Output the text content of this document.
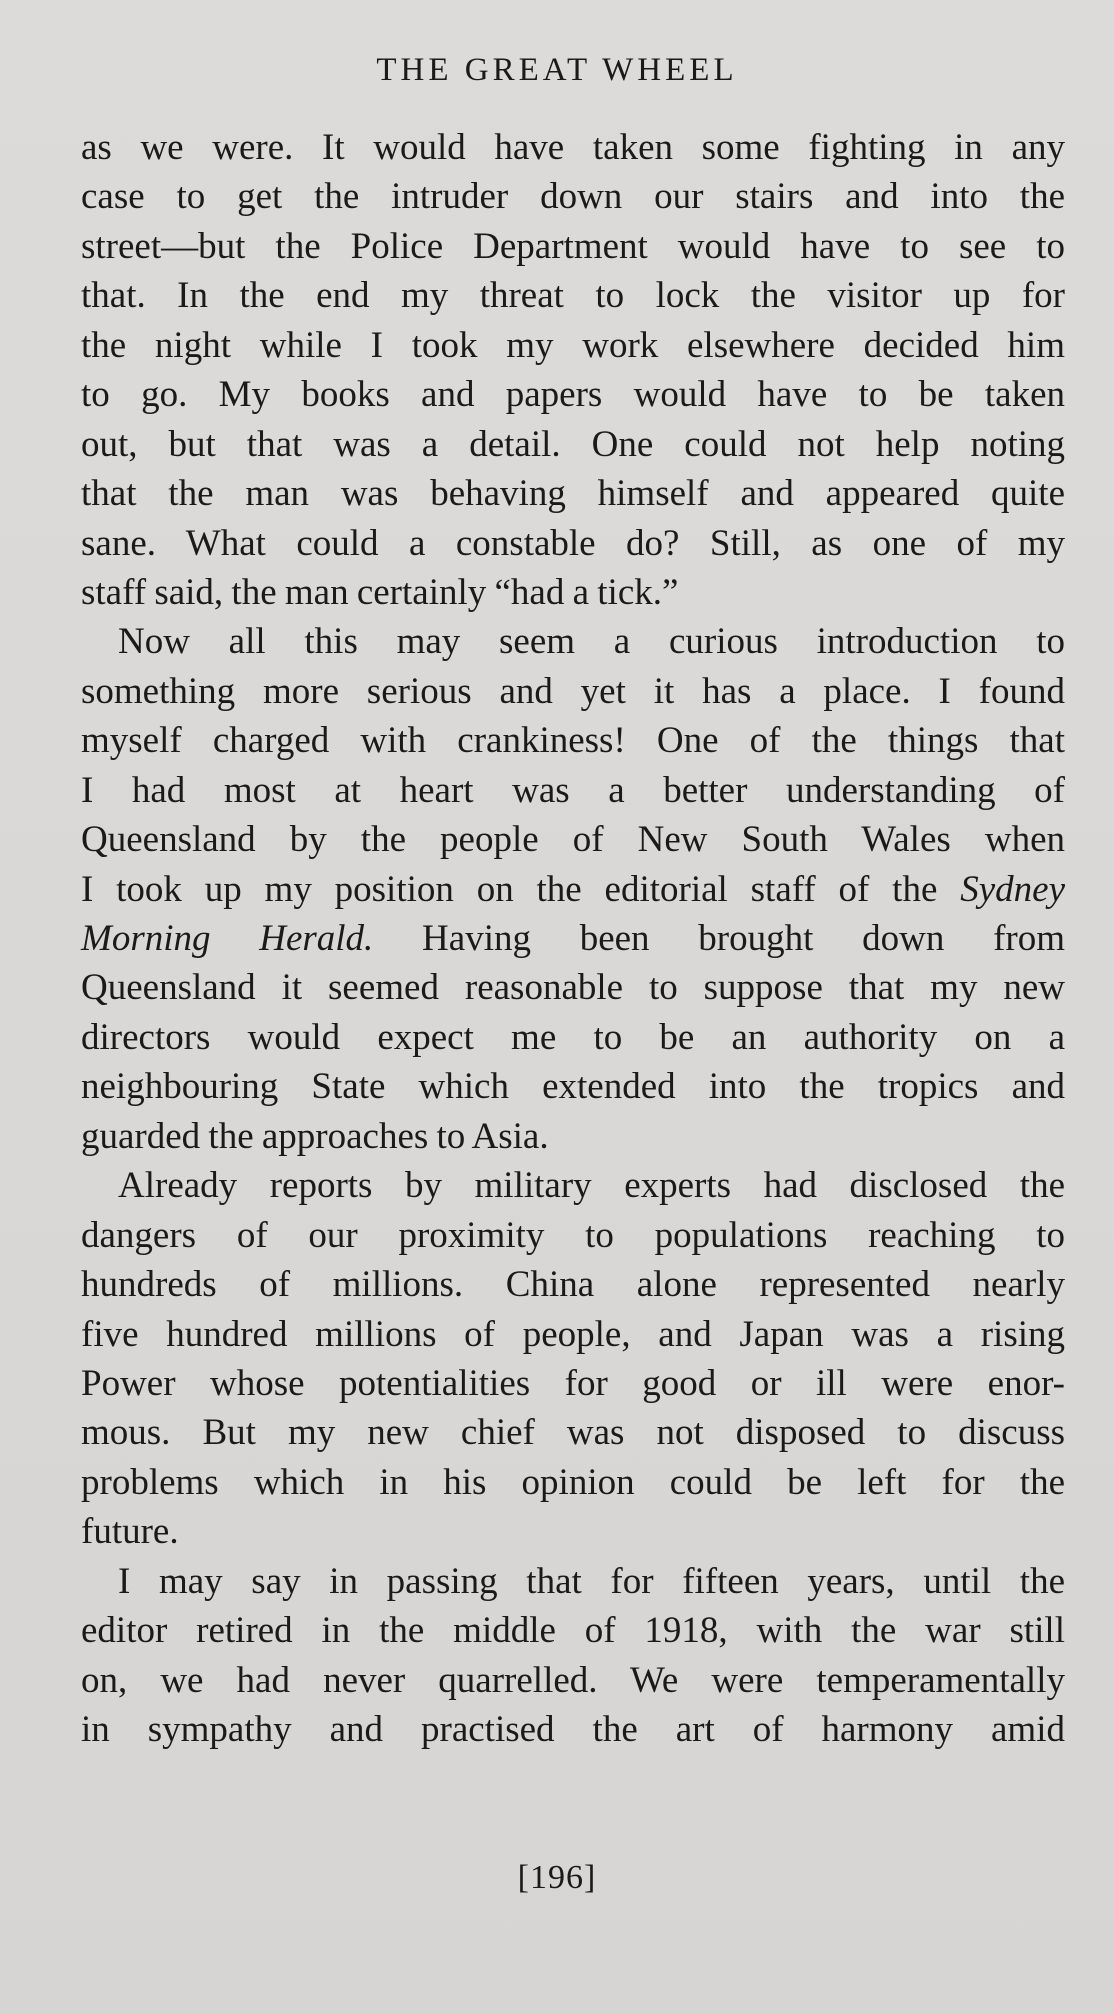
THE GREAT WHEEL
as we were. It would have taken some fighting in any
case to get the intruder down our stairs and into the
street—but the Police Department would have to see to
that. In the end my threat to lock the visitor up for
the night while I took my work elsewhere decided him
to go. My books and papers would have to be taken
out, but that was a detail. One could not help noting
that the man was behaving himself and appeared quite
sane. What could a constable do? Still, as one of my
staff said, the man certainly “had a tick.”
Now all this may seem a curious introduction to
something more serious and yet it has a place. I found
myself charged with crankiness! One of the things that
I had most at heart was a better understanding of
Queensland by the people of New South Wales when
I took up my position on the editorial staff of the Sydney
Morning Herald. Having been brought down from
Queensland it seemed reasonable to suppose that my new
directors would expect me to be an authority on a
neighbouring State which extended into the tropics and
guarded the approaches to Asia.
Already reports by military experts had disclosed the
dangers of our proximity to populations reaching to
hundreds of millions. China alone represented nearly
five hundred millions of people, and Japan was a rising
Power whose potentialities for good or ill were enor-
mous. But my new chief was not disposed to discuss
problems which in his opinion could be left for the
future.
I may say in passing that for fifteen years, until the
editor retired in the middle of 1918, with the war still
on, we had never quarrelled. We were temperamentally
in sympathy and practised the art of harmony amid
[196]
